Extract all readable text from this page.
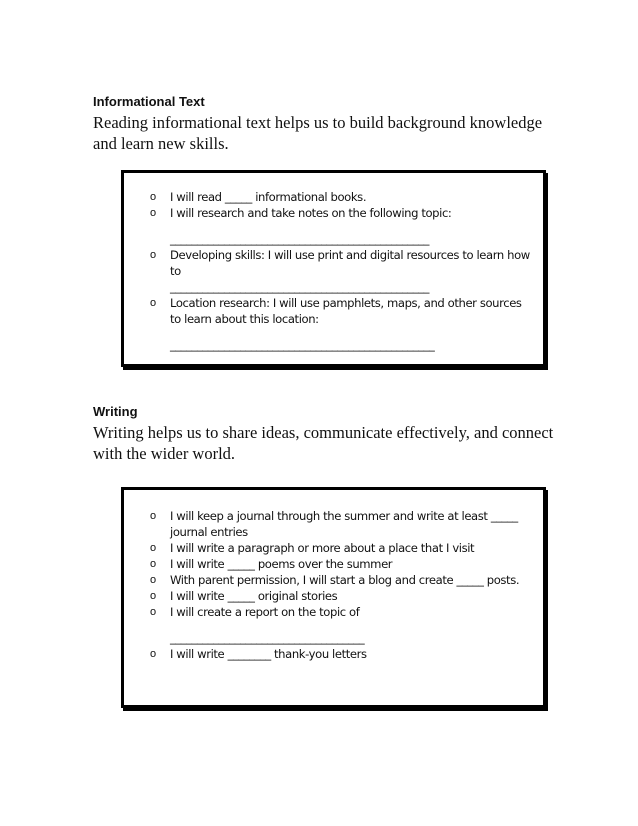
Informational Text

Reading informational text helps us to build background knowledge and learn new skills.

o I will read _____ informational books.
o I will research and take notes on the following topic:
________________________________________________
o Developing skills: I will use print and digital resources to learn how to
________________________________________________
o Location research: I will use pamphlets, maps, and other sources to learn about this location:
_________________________________________________

Writing

Writing helps us to share ideas, communicate effectively, and connect with the wider world.

o I will keep a journal through the summer and write at least _____ journal entries
o I will write a paragraph or more about a place that I visit
o I will write _____ poems over the summer
o With parent permission, I will start a blog and create _____ posts.
o I will write _____ original stories
o I will create a report on the topic of
____________________________________
o I will write ________ thank-you letters
